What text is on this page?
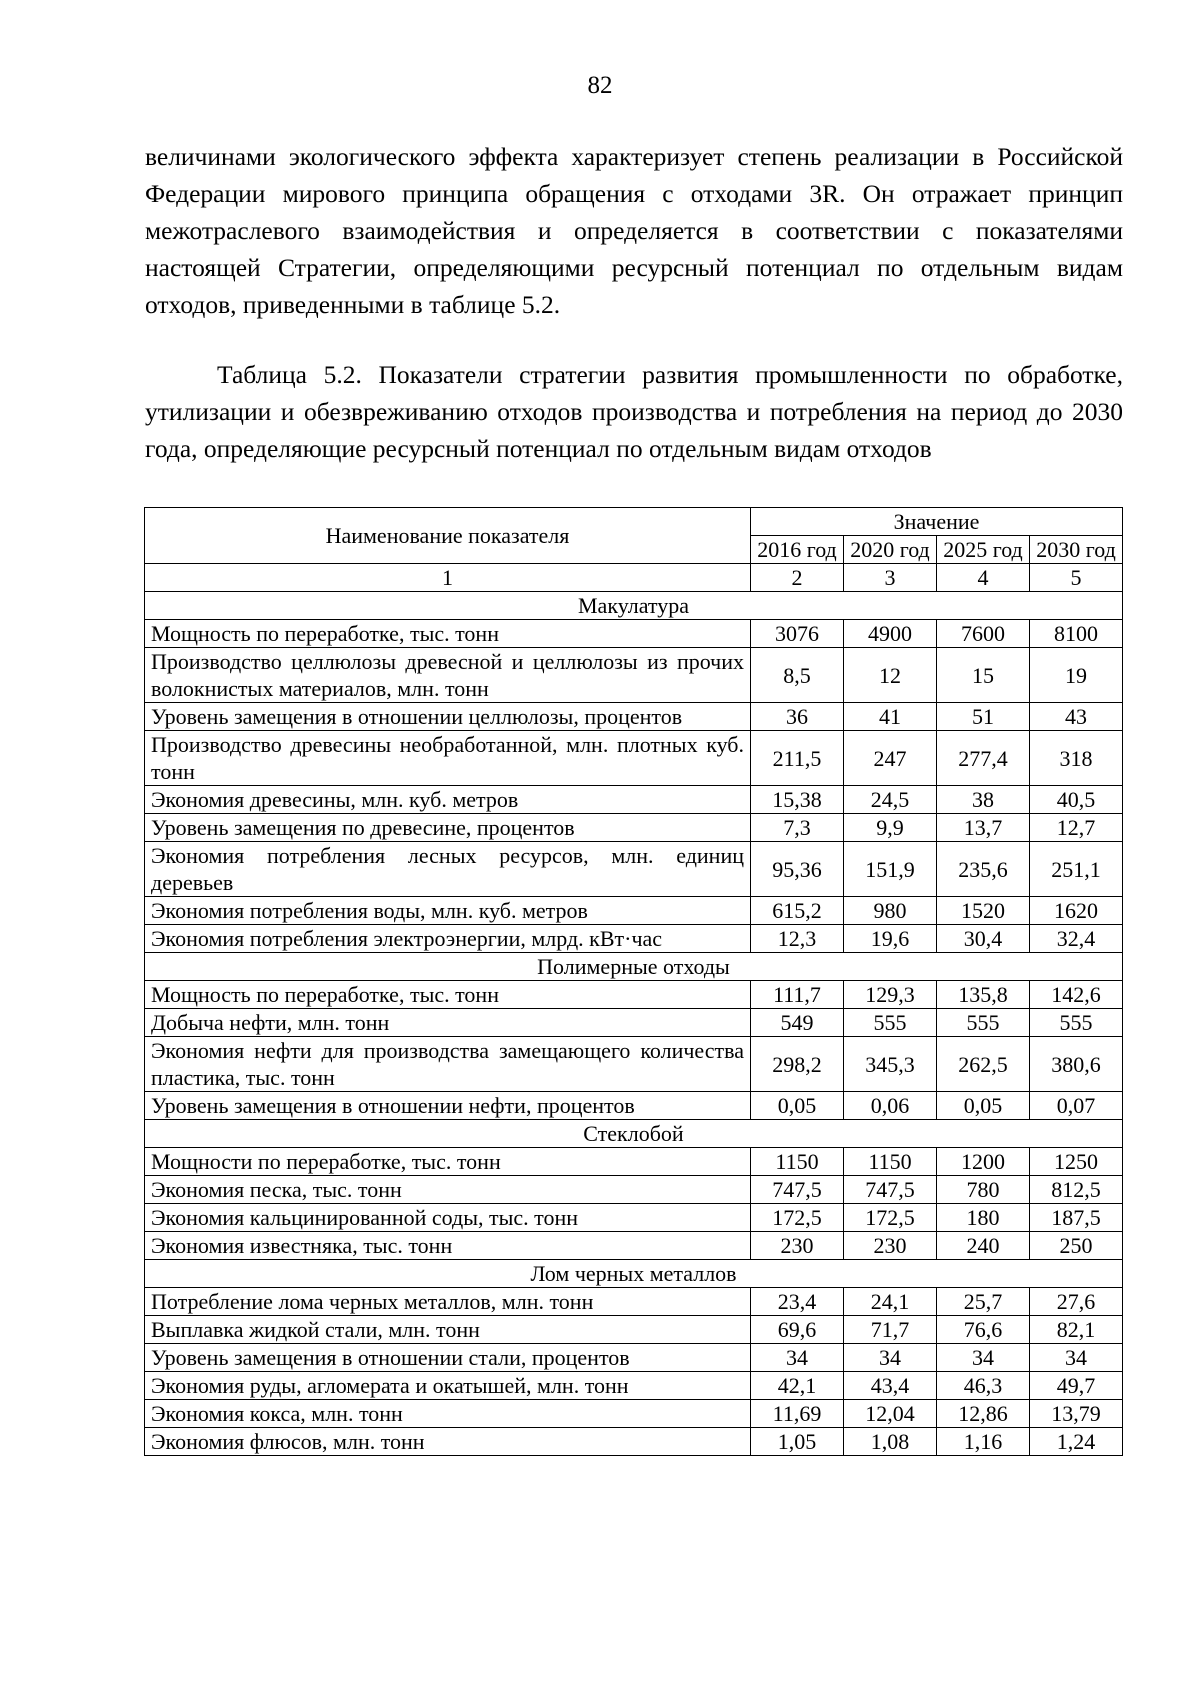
82

величинами экологического эффекта характеризует степень реализации в Российской Федерации мирового принципа обращения с отходами 3R. Он отражает принцип межотраслевого взаимодействия и определяется в соответствии с показателями настоящей Стратегии, определяющими ресурсный потенциал по отдельным видам отходов, приведенными в таблице 5.2.

Таблица 5.2. Показатели стратегии развития промышленности по обработке, утилизации и обезвреживанию отходов производства и потребления на период до 2030 года, определяющие ресурсный потенциал по отдельным видам отходов

Наименование показателя	Значение			
	2016 год	2020 год	2025 год	2030 год
1	2	3	4	5
Макулатура				
Мощность по переработке, тыс. тонн	3076	4900	7600	8100
Производство целлюлозы древесной и целлюлозы из прочих волокнистых материалов, млн. тонн	8,5	12	15	19
Уровень замещения в отношении целлюлозы, процентов	36	41	51	43
Производство древесины необработанной, млн. плотных куб. тонн	211,5	247	277,4	318
Экономия древесины, млн. куб. метров	15,38	24,5	38	40,5
Уровень замещения по древесине, процентов	7,3	9,9	13,7	12,7
Экономия потребления лесных ресурсов, млн. единиц деревьев	95,36	151,9	235,6	251,1
Экономия потребления воды, млн. куб. метров	615,2	980	1520	1620
Экономия потребления электроэнергии, млрд. кВт·час	12,3	19,6	30,4	32,4
Полимерные отходы				
Мощность по переработке, тыс. тонн	111,7	129,3	135,8	142,6
Добыча нефти, млн. тонн	549	555	555	555
Экономия нефти для производства замещающего количества пластика, тыс. тонн	298,2	345,3	262,5	380,6
Уровень замещения в отношении нефти, процентов	0,05	0,06	0,05	0,07
Стеклобой				
Мощности по переработке, тыс. тонн	1150	1150	1200	1250
Экономия песка, тыс. тонн	747,5	747,5	780	812,5
Экономия кальцинированной соды, тыс. тонн	172,5	172,5	180	187,5
Экономия известняка, тыс. тонн	230	230	240	250
Лом черных металлов				
Потребление лома черных металлов, млн. тонн	23,4	24,1	25,7	27,6
Выплавка жидкой стали, млн. тонн	69,6	71,7	76,6	82,1
Уровень замещения в отношении стали, процентов	34	34	34	34
Экономия руды, агломерата и окатышей, млн. тонн	42,1	43,4	46,3	49,7
Экономия кокса, млн. тонн	11,69	12,04	12,86	13,79
Экономия флюсов, млн. тонн	1,05	1,08	1,16	1,24
